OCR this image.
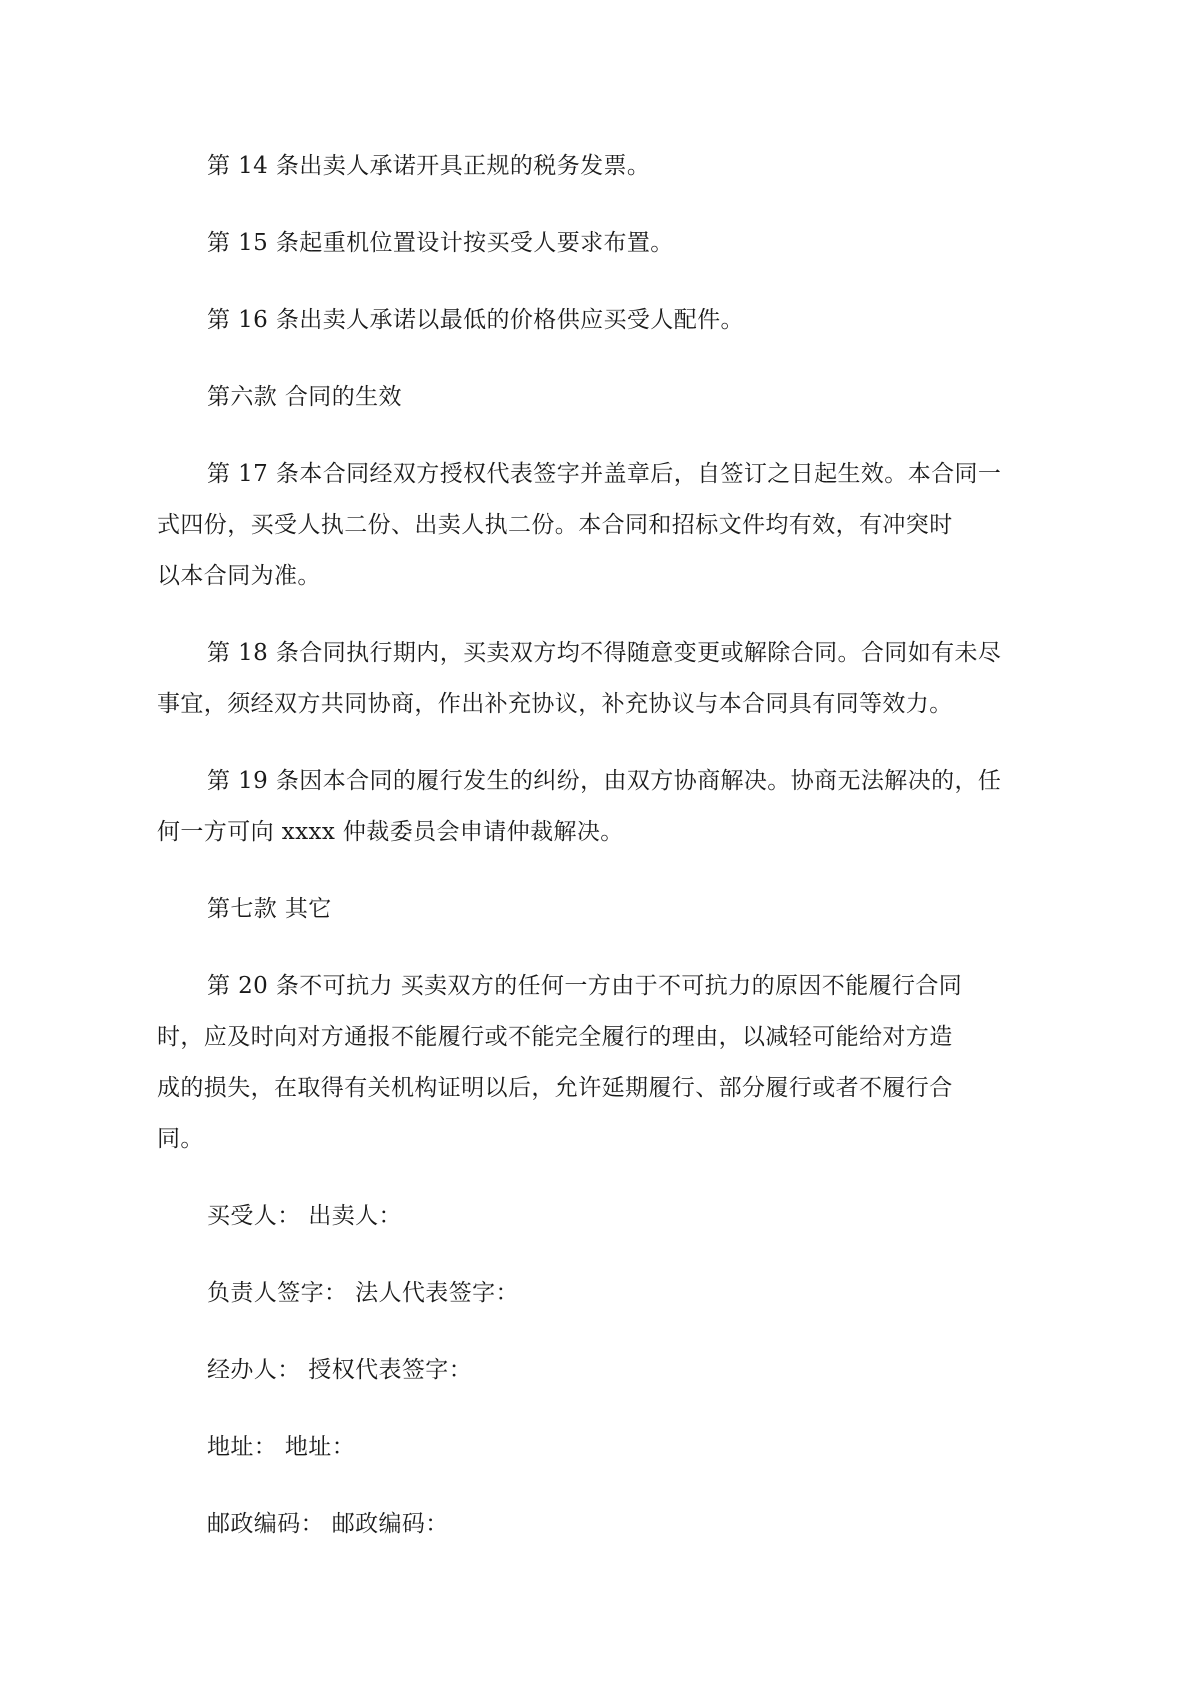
第 14 条出卖人承诺开具正规的税务发票。

第 15 条起重机位置设计按买受人要求布置。

第 16 条出卖人承诺以最低的价格供应买受人配件。

第六款 合同的生效

第 17 条本合同经双方授权代表签字并盖章后，自签订之日起生效。本合同一
式四份，买受人执二份、出卖人执二份。本合同和招标文件均有效，有冲突时
以本合同为准。

第 18 条合同执行期内，买卖双方均不得随意变更或解除合同。合同如有未尽
事宜，须经双方共同协商，作出补充协议，补充协议与本合同具有同等效力。

第 19 条因本合同的履行发生的纠纷，由双方协商解决。协商无法解决的，任
何一方可向 xxxx 仲裁委员会申请仲裁解决。

第七款 其它

第 20 条不可抗力 买卖双方的任何一方由于不可抗力的原因不能履行合同
时，应及时向对方通报不能履行或不能完全履行的理由，以减轻可能给对方造
成的损失，在取得有关机构证明以后，允许延期履行、部分履行或者不履行合
同。

买受人： 出卖人：

负责人签字： 法人代表签字：

经办人： 授权代表签字：

地址： 地址：

邮政编码： 邮政编码：
